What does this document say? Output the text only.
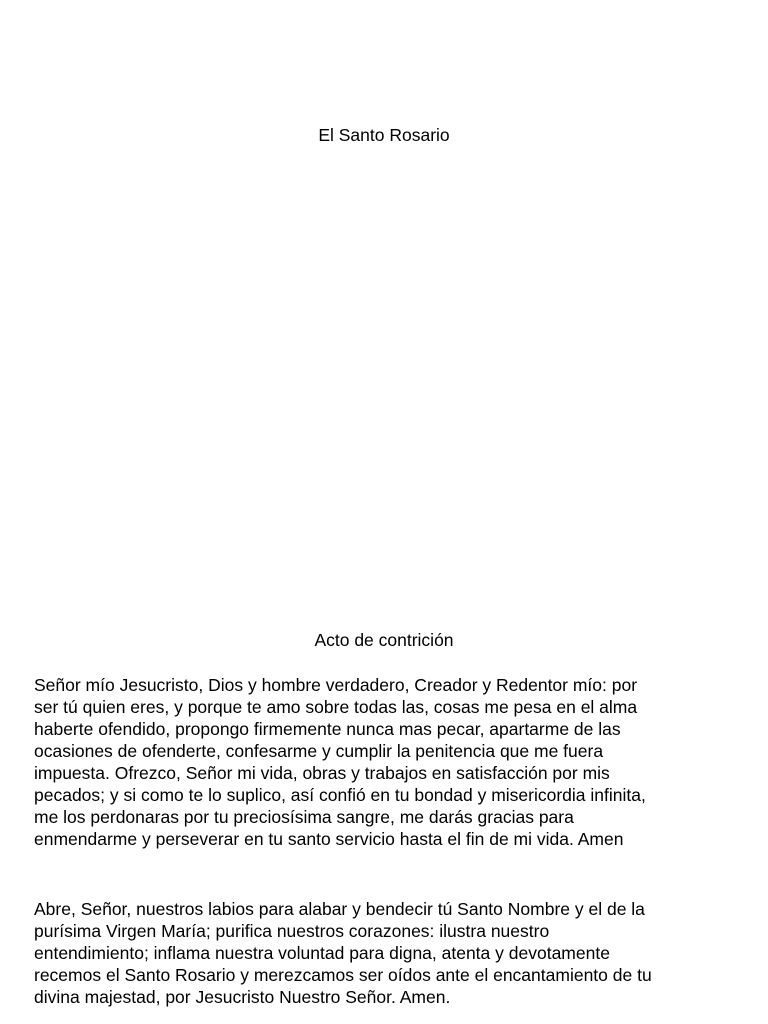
El Santo Rosario
Acto de contrición
Señor mío Jesucristo, Dios y hombre verdadero, Creador y Redentor mío: por
ser tú quien eres, y porque te amo sobre todas las, cosas me pesa en el alma
haberte ofendido, propongo firmemente nunca mas pecar, apartarme de las
ocasiones de ofenderte, confesarme y cumplir la penitencia que me fuera
impuesta. Ofrezco, Señor mi vida, obras y trabajos en satisfacción por mis
pecados; y si como te lo suplico, así confió en tu bondad y misericordia infinita,
me los perdonaras por tu preciosísima sangre, me darás gracias para
enmendarme y perseverar en tu santo servicio hasta el fin de mi vida. Amen
Abre, Señor, nuestros labios para alabar y bendecir tú Santo Nombre y el de la
purísima Virgen María; purifica nuestros corazones: ilustra nuestro
entendimiento; inflama nuestra voluntad para digna, atenta y devotamente
recemos el Santo Rosario y merezcamos ser oídos ante el encantamiento de tu
divina majestad, por Jesucristo Nuestro Señor. Amen.
